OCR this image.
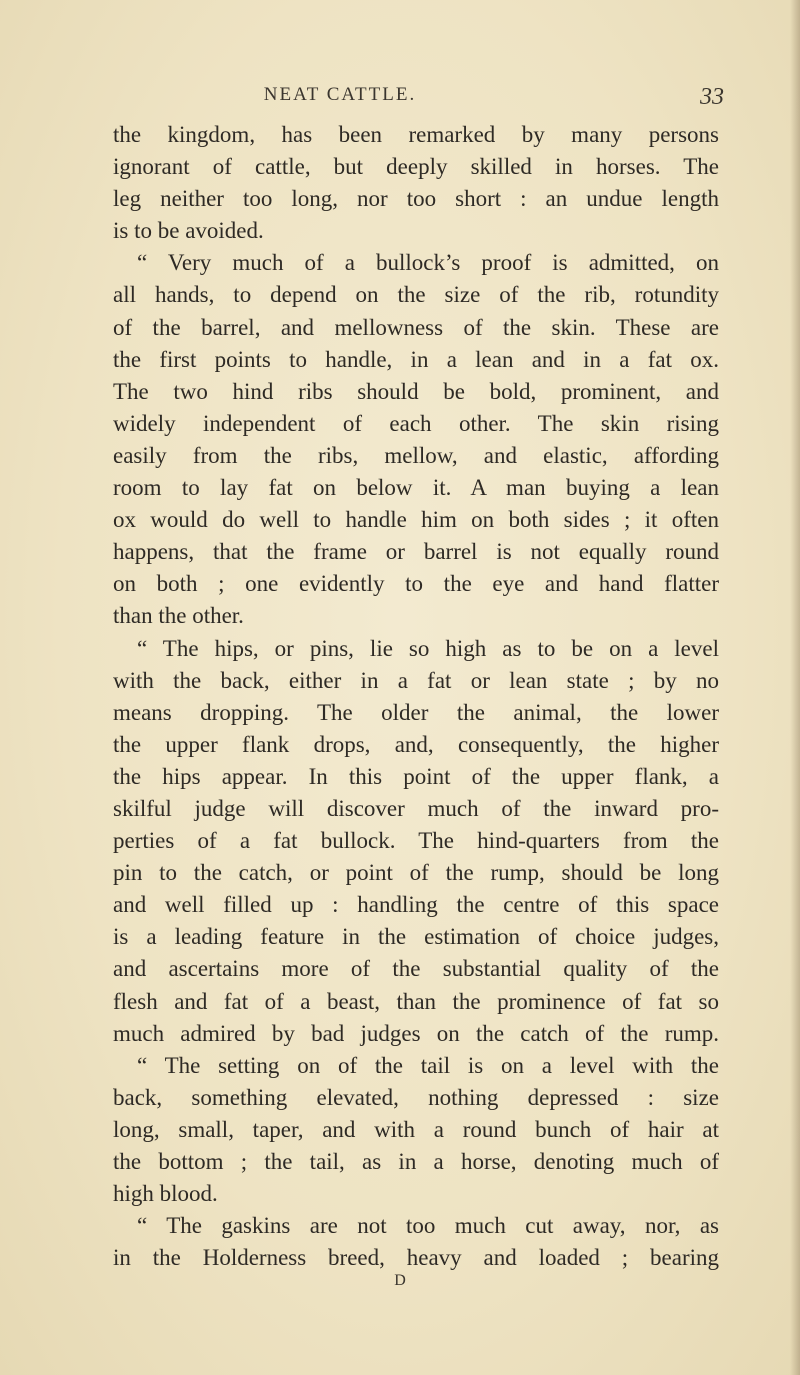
NEAT CATTLE.	33
the kingdom, has been remarked by many persons
ignorant of cattle, but deeply skilled in horses. The
leg neither too long, nor too short : an undue length
is to be avoided.
“ Very much of a bullock’s proof is admitted, on
all hands, to depend on the size of the rib, rotundity
of the barrel, and mellowness of the skin. These are
the first points to handle, in a lean and in a fat ox.
The two hind ribs should be bold, prominent, and
widely independent of each other. The skin rising
easily from the ribs, mellow, and elastic, affording
room to lay fat on below it. A man buying a lean
ox would do well to handle him on both sides ; it often
happens, that the frame or barrel is not equally round
on both ; one evidently to the eye and hand flatter
than the other.
“ The hips, or pins, lie so high as to be on a level
with the back, either in a fat or lean state ; by no
means dropping. The older the animal, the lower
the upper flank drops, and, consequently, the higher
the hips appear. In this point of the upper flank, a
skilful judge will discover much of the inward pro-
perties of a fat bullock. The hind-quarters from the
pin to the catch, or point of the rump, should be long
and well filled up : handling the centre of this space
is a leading feature in the estimation of choice judges,
and ascertains more of the substantial quality of the
flesh and fat of a beast, than the prominence of fat so
much admired by bad judges on the catch of the rump.
“ The setting on of the tail is on a level with the
back, something elevated, nothing depressed : size
long, small, taper, and with a round bunch of hair at
the bottom ; the tail, as in a horse, denoting much of
high blood.
“ The gaskins are not too much cut away, nor, as
in the Holderness breed, heavy and loaded ; bearing
D
